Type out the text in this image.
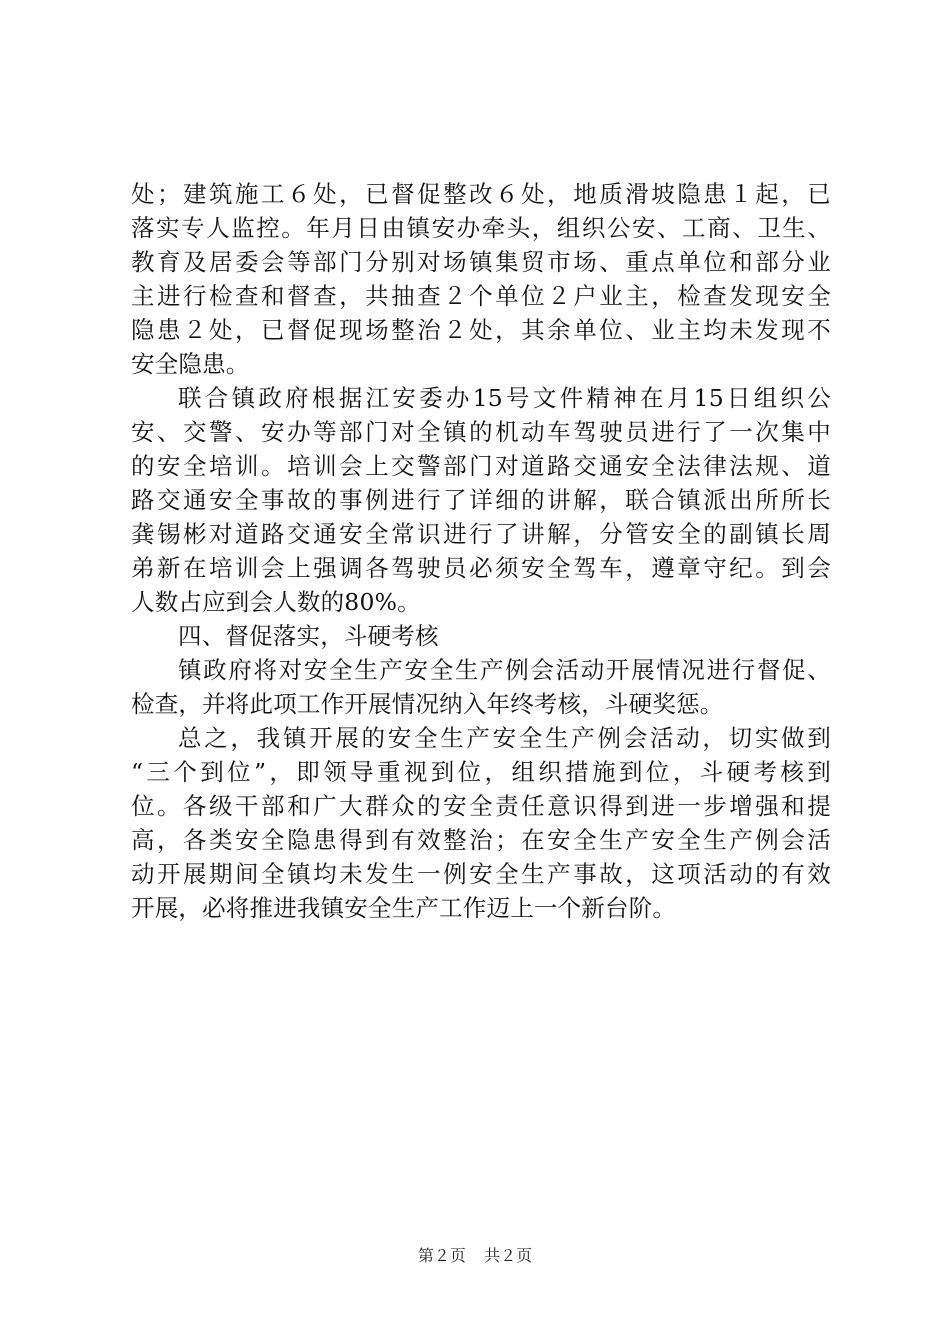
处；建筑施工６处，已督促整改６处，地质滑坡隐患１起，已
落实专人监控。年月日由镇安办牵头，组织公安、工商、卫生、
教育及居委会等部门分别对场镇集贸市场、重点单位和部分业
主进行检查和督查，共抽查２个单位２户业主，检查发现安全
隐患２处，已督促现场整治２处，其余单位、业主均未发现不
安全隐患。
联合镇政府根据江安委办15号文件精神在月15日组织公
安、交警、安办等部门对全镇的机动车驾驶员进行了一次集中
的安全培训。培训会上交警部门对道路交通安全法律法规、道
路交通安全事故的事例进行了详细的讲解，联合镇派出所所长
龚锡彬对道路交通安全常识进行了讲解，分管安全的副镇长周
弟新在培训会上强调各驾驶员必须安全驾车，遵章守纪。到会
人数占应到会人数的80%。
四、督促落实，斗硬考核
镇政府将对安全生产安全生产例会活动开展情况进行督促、
检查，并将此项工作开展情况纳入年终考核，斗硬奖惩。
总之，我镇开展的安全生产安全生产例会活动，切实做到
“三个到位”，即领导重视到位，组织措施到位，斗硬考核到
位。各级干部和广大群众的安全责任意识得到进一步增强和提
高，各类安全隐患得到有效整治；在安全生产安全生产例会活
动开展期间全镇均未发生一例安全生产事故，这项活动的有效
开展，必将推进我镇安全生产工作迈上一个新台阶。
第２页 共２页
